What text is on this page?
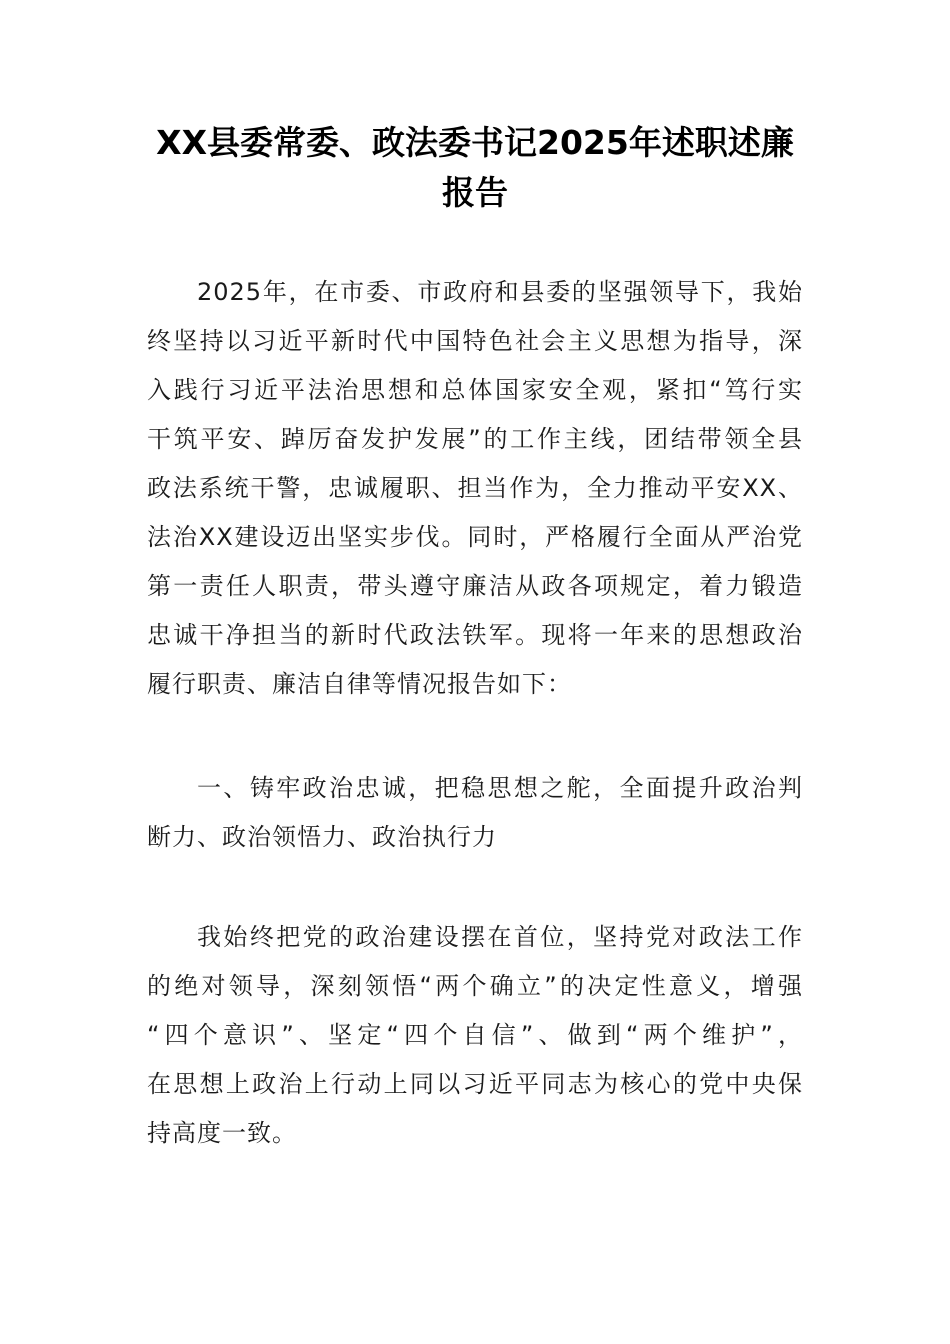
XX县委常委、政法委书记2025年述职述廉
报告
2025年，在市委、市政府和县委的坚强领导下，我始
终坚持以习近平新时代中国特色社会主义思想为指导，深
入践行习近平法治思想和总体国家安全观，紧扣“笃行实
干筑平安、踔厉奋发护发展”的工作主线，团结带领全县
政法系统干警，忠诚履职、担当作为，全力推动平安XX、
法治XX建设迈出坚实步伐。同时，严格履行全面从严治党
第一责任人职责，带头遵守廉洁从政各项规定，着力锻造
忠诚干净担当的新时代政法铁军。现将一年来的思想政治
履行职责、廉洁自律等情况报告如下：
一、铸牢政治忠诚，把稳思想之舵，全面提升政治判
断力、政治领悟力、政治执行力
我始终把党的政治建设摆在首位，坚持党对政法工作
的绝对领导，深刻领悟“两个确立”的决定性意义，增强
“四个意识”、坚定“四个自信”、做到“两个维护”，
在思想上政治上行动上同以习近平同志为核心的党中央保
持高度一致。
